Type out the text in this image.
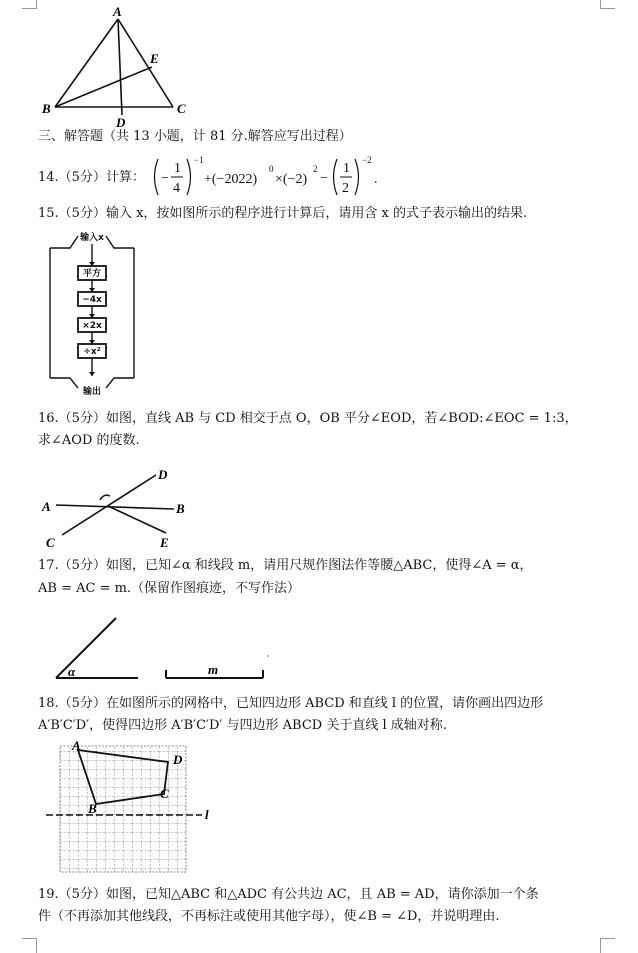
A
B	C
D
E
三、解答题（共 13 小题，计 81 分.解答应写出过程）
14.（5分）计算： −
1
4
−1
+(−2022)
0
×(−2)
2
−
1
2
−2
.
15.（5分）输入 x，按如图所示的程序进行计算后，请用含 x 的式子表示输出的结果.
输入x
平方
−4x
×2x
÷x²
输出
16.（5分）如图，直线 AB 与 CD 相交于点 O，OB 平分∠EOD，若∠BOD:∠EOC = 1:3，
求∠AOD 的度数.
A	B
C
D
E
17.（5分）如图，已知∠α 和线段 m，请用尺规作图法作等腰△ABC，使得∠A = α，
AB = AC = m.（保留作图痕迹，不写作法）
α	m
18.（5分）在如图所示的网格中，已知四边形 ABCD 和直线 l 的位置，请你画出四边形
A′B′C′D′，使得四边形 A′B′C′D′ 与四边形 ABCD 关于直线 l 成轴对称.
A
D
C
B	l
19.（5分）如图，已知△ABC 和△ADC 有公共边 AC，且 AB = AD，请你添加一个条
件（不再添加其他线段，不再标注或使用其他字母），使∠B = ∠D，并说明理由.
